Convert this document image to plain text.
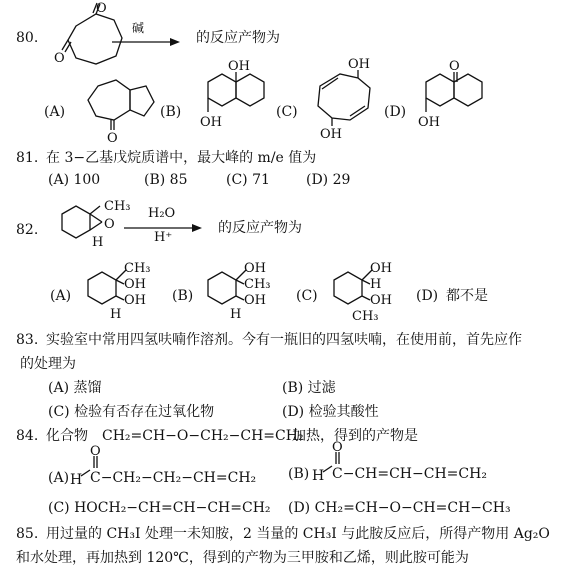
80.
O
O
碱
的反应产物为
(A)
O
(B)
OH
OH
(C)
OH
OH
(D)
O
OH
81. 在 3−乙基戊烷质谱中，最大峰的 m/e 值为
(A) 100	(B) 85	(C) 71	(D) 29
82.
CH₃
O
H
H₂O
H⁺
的反应产物为
(A)
CH₃
OH
OH
H
(B)
OH
CH₃
OH
H
(C)
OH
H
OH
CH₃
(D) 都不是
83. 实验室中常用四氢呋喃作溶剂。今有一瓶旧的四氢呋喃，在使用前，首先应作
的处理为
(A) 蒸馏	(B) 过滤
(C) 检验有否存在过氧化物	(D) 检验其酸性
84. 化合物 CH₂=CH−O−CH₂−CH=CH₂
加热，得到的产物是
(A) H
O
C−CH₂−CH₂−CH=CH₂ (B) H
O
C−CH=CH−CH=CH₂
(C) HOCH₂−CH=CH−CH=CH₂ (D) CH₂=CH−O−CH=CH−CH₃
85. 用过量的 CH₃I 处理一未知胺，2 当量的 CH₃I 与此胺反应后，所得产物用 Ag₂O
和水处理，再加热到 120℃，得到的产物为三甲胺和乙烯，则此胺可能为
